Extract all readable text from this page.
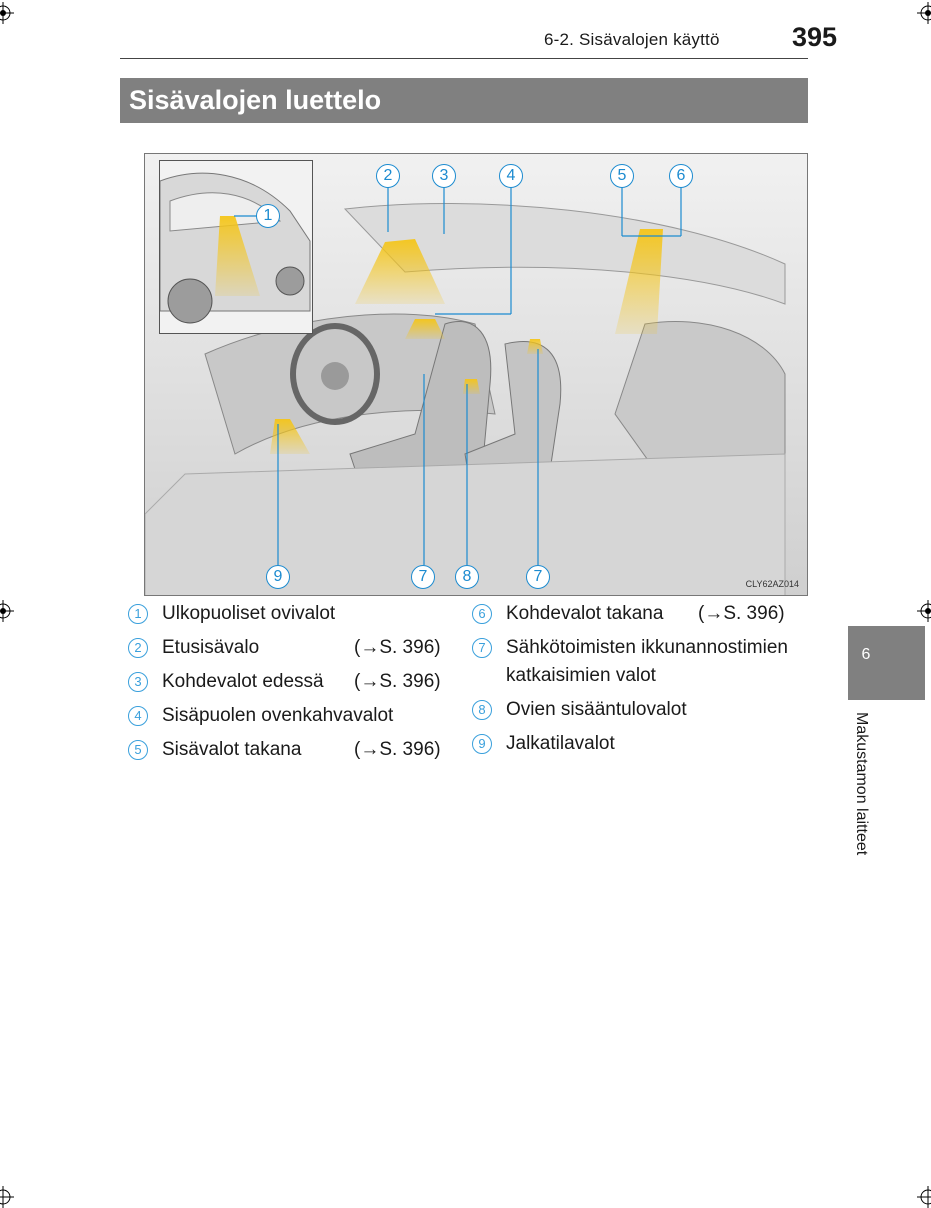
6-2. Sisävalojen käyttö	395
Sisävalojen luettelo
1
2	3	4	5	6
9	7	8	7	CLY62AZ014
1	Ulkopuoliset ovivalot
2	Etusisävalo	(→S. 396)
3	Kohdevalot edessä (→S. 396)
4	Sisäpuolen ovenkahvavalot
5	Sisävalot takana	(→S. 396)
6	Kohdevalot takana (→S. 396)
7	Sähkötoimisten ikkunannostimien
katkaisimien valot
8	Ovien sisääntulovalot
9	Jalkatilavalot
6
Makustamon laitteet
